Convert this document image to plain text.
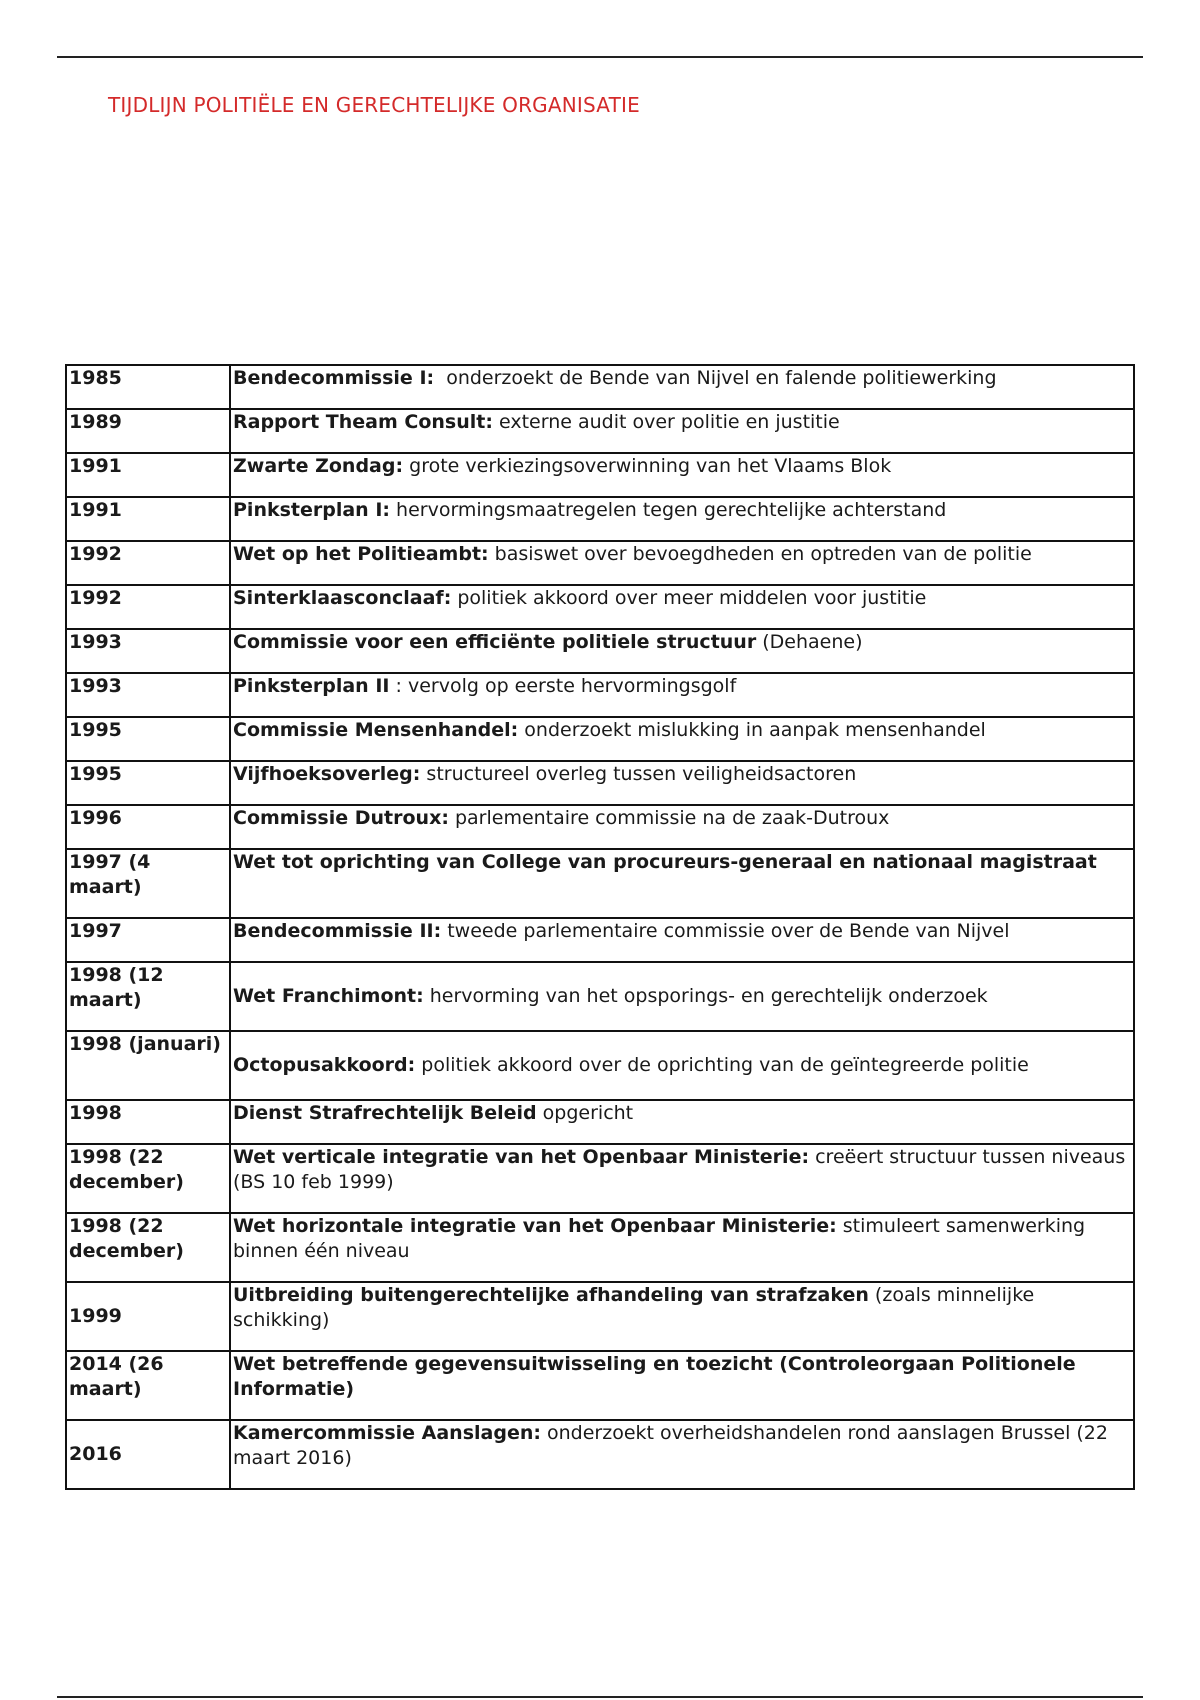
TIJDLIJN POLITIËLE EN GERECHTELIJKE ORGANISATIE
1985	Bendecommissie I:  onderzoekt de Bende van Nijvel en falende politiewerking
1989	Rapport Theam Consult: externe audit over politie en justitie
1991	Zwarte Zondag: grote verkiezingsoverwinning van het Vlaams Blok
1991	Pinksterplan I: hervormingsmaatregelen tegen gerechtelijke achterstand
1992	Wet op het Politieambt: basiswet over bevoegdheden en optreden van de politie
1992	Sinterklaasconclaaf: politiek akkoord over meer middelen voor justitie
1993	Commissie voor een efficiënte politiele structuur (Dehaene)
1993	Pinksterplan II : vervolg op eerste hervormingsgolf
1995	Commissie Mensenhandel: onderzoekt mislukking in aanpak mensenhandel
1995	Vijfhoeksoverleg: structureel overleg tussen veiligheidsactoren
1996	Commissie Dutroux: parlementaire commissie na de zaak-Dutroux
1997 (4 maart)	Wet tot oprichting van College van procureurs-generaal en nationaal magistraat
1997	Bendecommissie II: tweede parlementaire commissie over de Bende van Nijvel
1998 (12 maart)	Wet Franchimont: hervorming van het opsporings- en gerechtelijk onderzoek
1998 (januari)	Octopusakkoord: politiek akkoord over de oprichting van de geïntegreerde politie
1998	Dienst Strafrechtelijk Beleid opgericht
1998 (22 december)	Wet verticale integratie van het Openbaar Ministerie: creëert structuur tussen niveaus (BS 10 feb 1999)
1998 (22 december)	Wet horizontale integratie van het Openbaar Ministerie: stimuleert samenwerking binnen één niveau
1999	Uitbreiding buitengerechtelijke afhandeling van strafzaken (zoals minnelijke schikking)
2014 (26 maart)	Wet betreffende gegevensuitwisseling en toezicht (Controleorgaan Politionele Informatie)
2016	Kamercommissie Aanslagen: onderzoekt overheidshandelen rond aanslagen Brussel (22 maart 2016)
